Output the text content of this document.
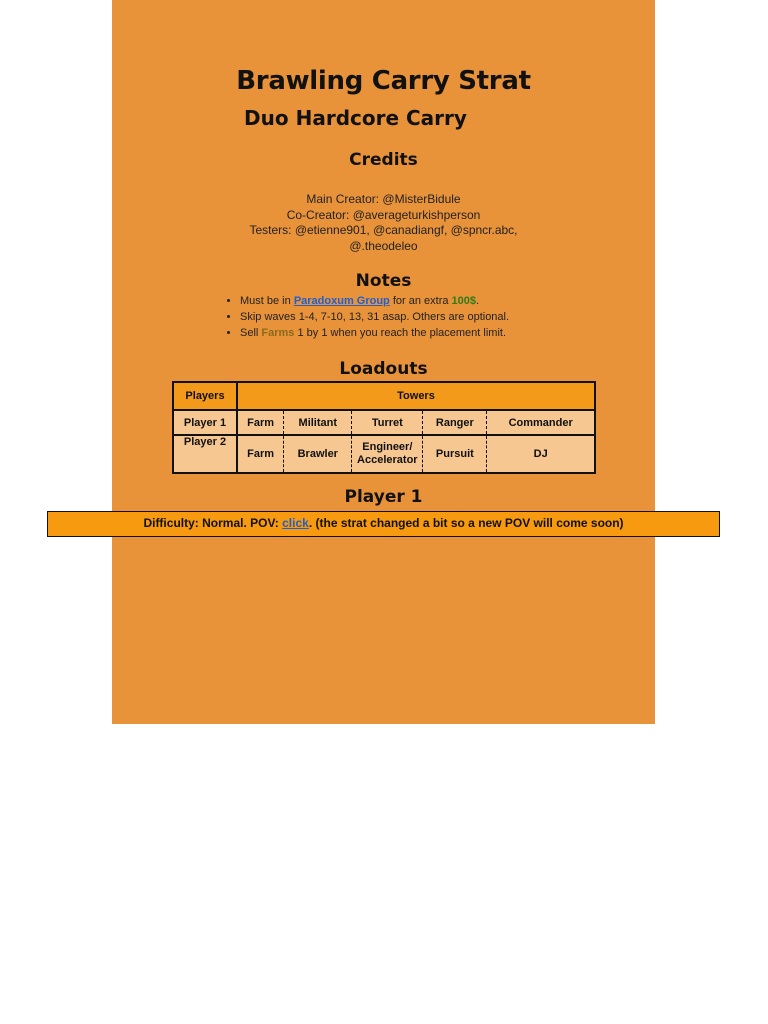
Brawling Carry Strat
Duo Hardcore Carry
Credits
Main Creator: @MisterBidule
Co-Creator: @averageturkishperson
Testers: @etienne901, @canadiangf, @spncr.abc,
@.theodeleo
Notes
• Must be in Paradoxum Group for an extra 100$.
• Skip waves 1-4, 7-10, 13, 31 asap. Others are optional.
• Sell Farms 1 by 1 when you reach the placement limit.
Loadouts
Players	Towers				
Player 1	Farm	Militant	Turret	Ranger	Commander
Player 2	Farm	Brawler	Engineer/ Accelerator	Pursuit	DJ
Player 1
Difficulty: Normal. POV: click. (the strat changed a bit so a new POV will come soon)
